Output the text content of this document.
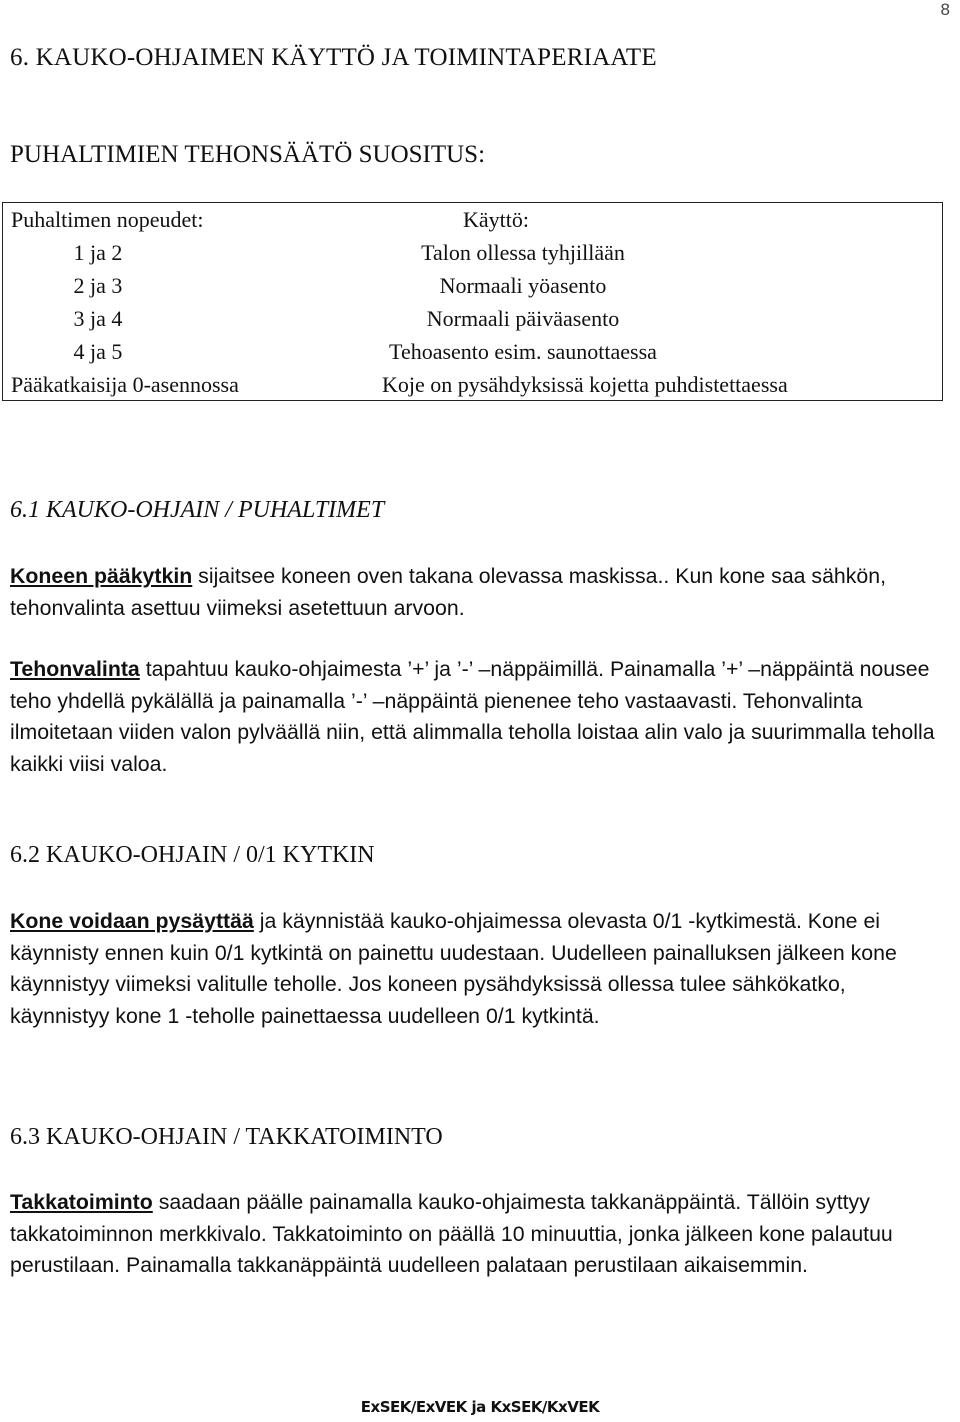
8
6. KAUKO-OHJAIMEN KÄYTTÖ JA TOIMINTAPERIAATE
PUHALTIMIEN TEHONSÄÄTÖ SUOSITUS:
Puhaltimen nopeudet:	Käyttö:
1 ja 2	Talon ollessa tyhjillään
2 ja 3	Normaali yöasento
3 ja 4	Normaali päiväasento
4 ja 5	Tehoasento esim. saunottaessa
Pääkatkaisija 0-asennossa	Koje on pysähdyksissä kojetta puhdistettaessa
6.1 KAUKO-OHJAIN / PUHALTIMET

Koneen pääkytkin sijaitsee koneen oven takana olevassa maskissa.. Kun kone saa sähkön, tehonvalinta asettuu viimeksi asetettuun arvoon.

Tehonvalinta tapahtuu kauko-ohjaimesta ’+’ ja ’-’ –näppäimillä. Painamalla ’+’ –näppäintä nousee teho yhdellä pykälällä ja painamalla ’-’ –näppäintä pienenee teho vastaavasti. Tehonvalinta ilmoitetaan viiden valon pylväällä niin, että alimmalla teholla loistaa alin valo ja suurimmalla teholla kaikki viisi valoa.

6.2 KAUKO-OHJAIN / 0/1 KYTKIN

Kone voidaan pysäyttää ja käynnistää kauko-ohjaimessa olevasta 0/1 -kytkimestä. Kone ei käynnisty ennen kuin 0/1 kytkintä on painettu uudestaan. Uudelleen painalluksen jälkeen kone käynnistyy viimeksi valitulle teholle. Jos koneen pysähdyksissä ollessa tulee sähkökatko, käynnistyy kone 1 -teholle painettaessa uudelleen 0/1 kytkintä.

6.3 KAUKO-OHJAIN / TAKKATOIMINTO

Takkatoiminto saadaan päälle painamalla kauko-ohjaimesta takkanäppäintä. Tällöin syttyy takkatoiminnon merkkivalo. Takkatoiminto on päällä 10 minuuttia, jonka jälkeen kone palautuu perustilaan. Painamalla takkanäppäintä uudelleen palataan perustilaan aikaisemmin.

ExSEK/ExVEK ja KxSEK/KxVEK
